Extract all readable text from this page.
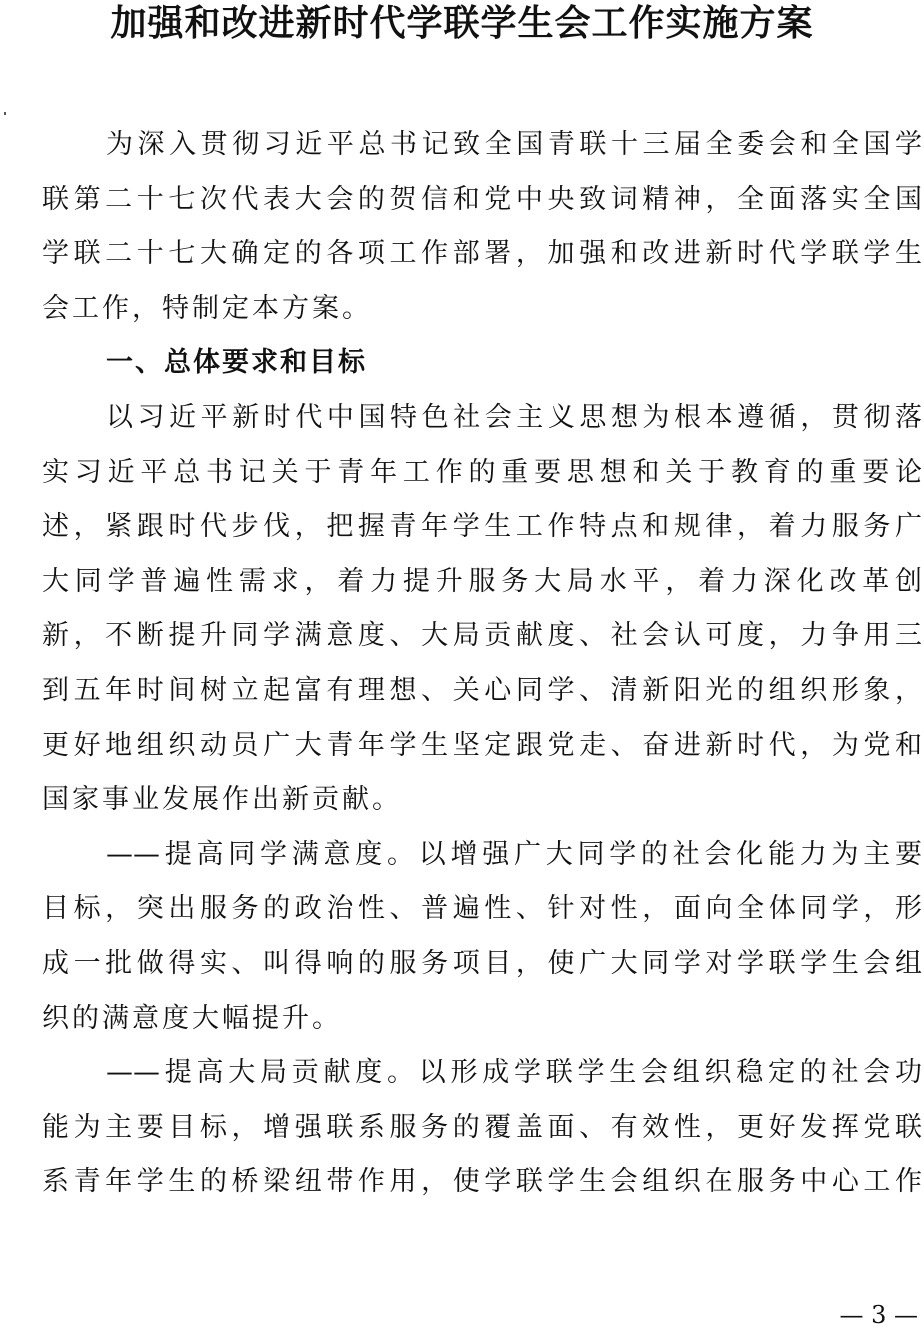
加强和改进新时代学联学生会工作实施方案
为深入贯彻习近平总书记致全国青联十三届全委会和全国学
联第二十七次代表大会的贺信和党中央致词精神，全面落实全国
学联二十七大确定的各项工作部署，加强和改进新时代学联学生
会工作，特制定本方案。
一、总体要求和目标
以习近平新时代中国特色社会主义思想为根本遵循，贯彻落
实习近平总书记关于青年工作的重要思想和关于教育的重要论
述，紧跟时代步伐，把握青年学生工作特点和规律，着力服务广
大同学普遍性需求，着力提升服务大局水平，着力深化改革创
新，不断提升同学满意度、大局贡献度、社会认可度，力争用三
到五年时间树立起富有理想、关心同学、清新阳光的组织形象，
更好地组织动员广大青年学生坚定跟党走、奋进新时代，为党和
国家事业发展作出新贡献。
——提高同学满意度。以增强广大同学的社会化能力为主要
目标，突出服务的政治性、普遍性、针对性，面向全体同学，形
成一批做得实、叫得响的服务项目，使广大同学对学联学生会组
织的满意度大幅提升。
——提高大局贡献度。以形成学联学生会组织稳定的社会功
能为主要目标，增强联系服务的覆盖面、有效性，更好发挥党联
系青年学生的桥梁纽带作用，使学联学生会组织在服务中心工作
— 3 —
